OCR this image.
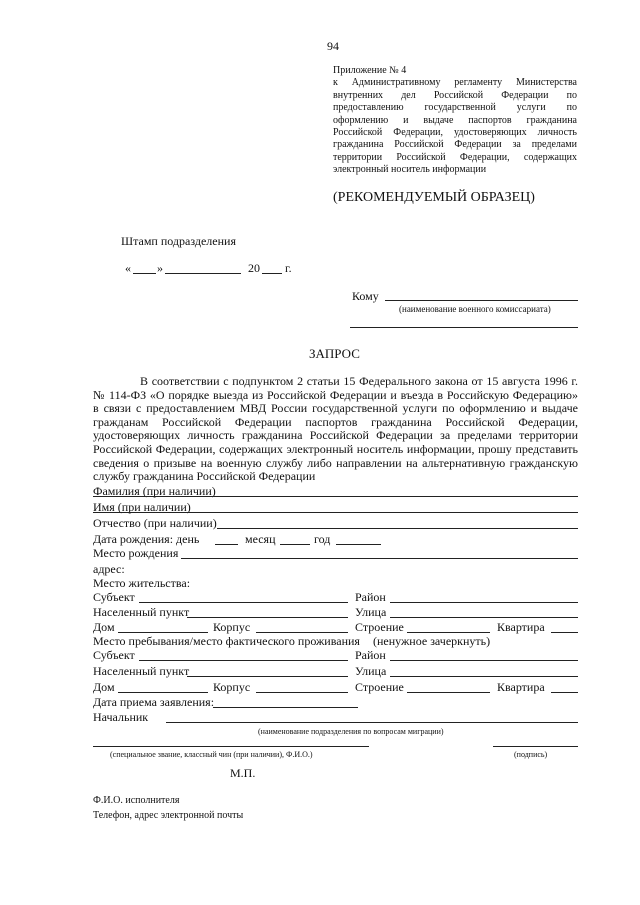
94
Приложение № 4
к Административному регламенту Министерства
внутренних дел Российской Федерации по
предоставлению государственной услуги по
оформлению и выдаче паспортов гражданина
Российской Федерации, удостоверяющих личность
гражданина Российской Федерации за пределами
территории Российской Федерации, содержащих
электронный носитель информации
(РЕКОМЕНДУЕМЫЙ ОБРАЗЕЦ)
Штамп подразделения
« »	20 г.
Кому
(наименование военного комиссариата)
ЗАПРОС
В соответствии с подпунктом 2 статьи 15 Федерального закона от 15 августа 1996 г.
№ 114-ФЗ «О порядке выезда из Российской Федерации и въезда в Российскую Федерацию»
в связи с предоставлением МВД России государственной услуги по оформлению и выдаче
гражданам Российской Федерации паспортов гражданина Российской Федерации,
удостоверяющих личность гражданина Российской Федерации за пределами территории
Российской Федерации, содержащих электронный носитель информации, прошу представить
сведения о призыве на военную службу либо направлении на альтернативную гражданскую
службу гражданина Российской Федерации
Фамилия (при наличии)
Имя (при наличии)
Отчество (при наличии)
Дата рождения: день	месяц	год
Место рождения
адрес:
Место жительства:
Субъект	Район
Населенный пункт	Улица
Дом	Корпус	Строение	Квартира
Место пребывания/место фактического проживания (ненужное зачеркнуть)
Субъект	Район
Населенный пункт	Улица
Дом	Корпус	Строение	Квартира
Дата приема заявления:
Начальник
(наименование подразделения по вопросам миграции)
(специальное звание, классный чин (при наличии), Ф.И.О.)	(подпись)
М.П.
Ф.И.О. исполнителя
Телефон, адрес электронной почты
